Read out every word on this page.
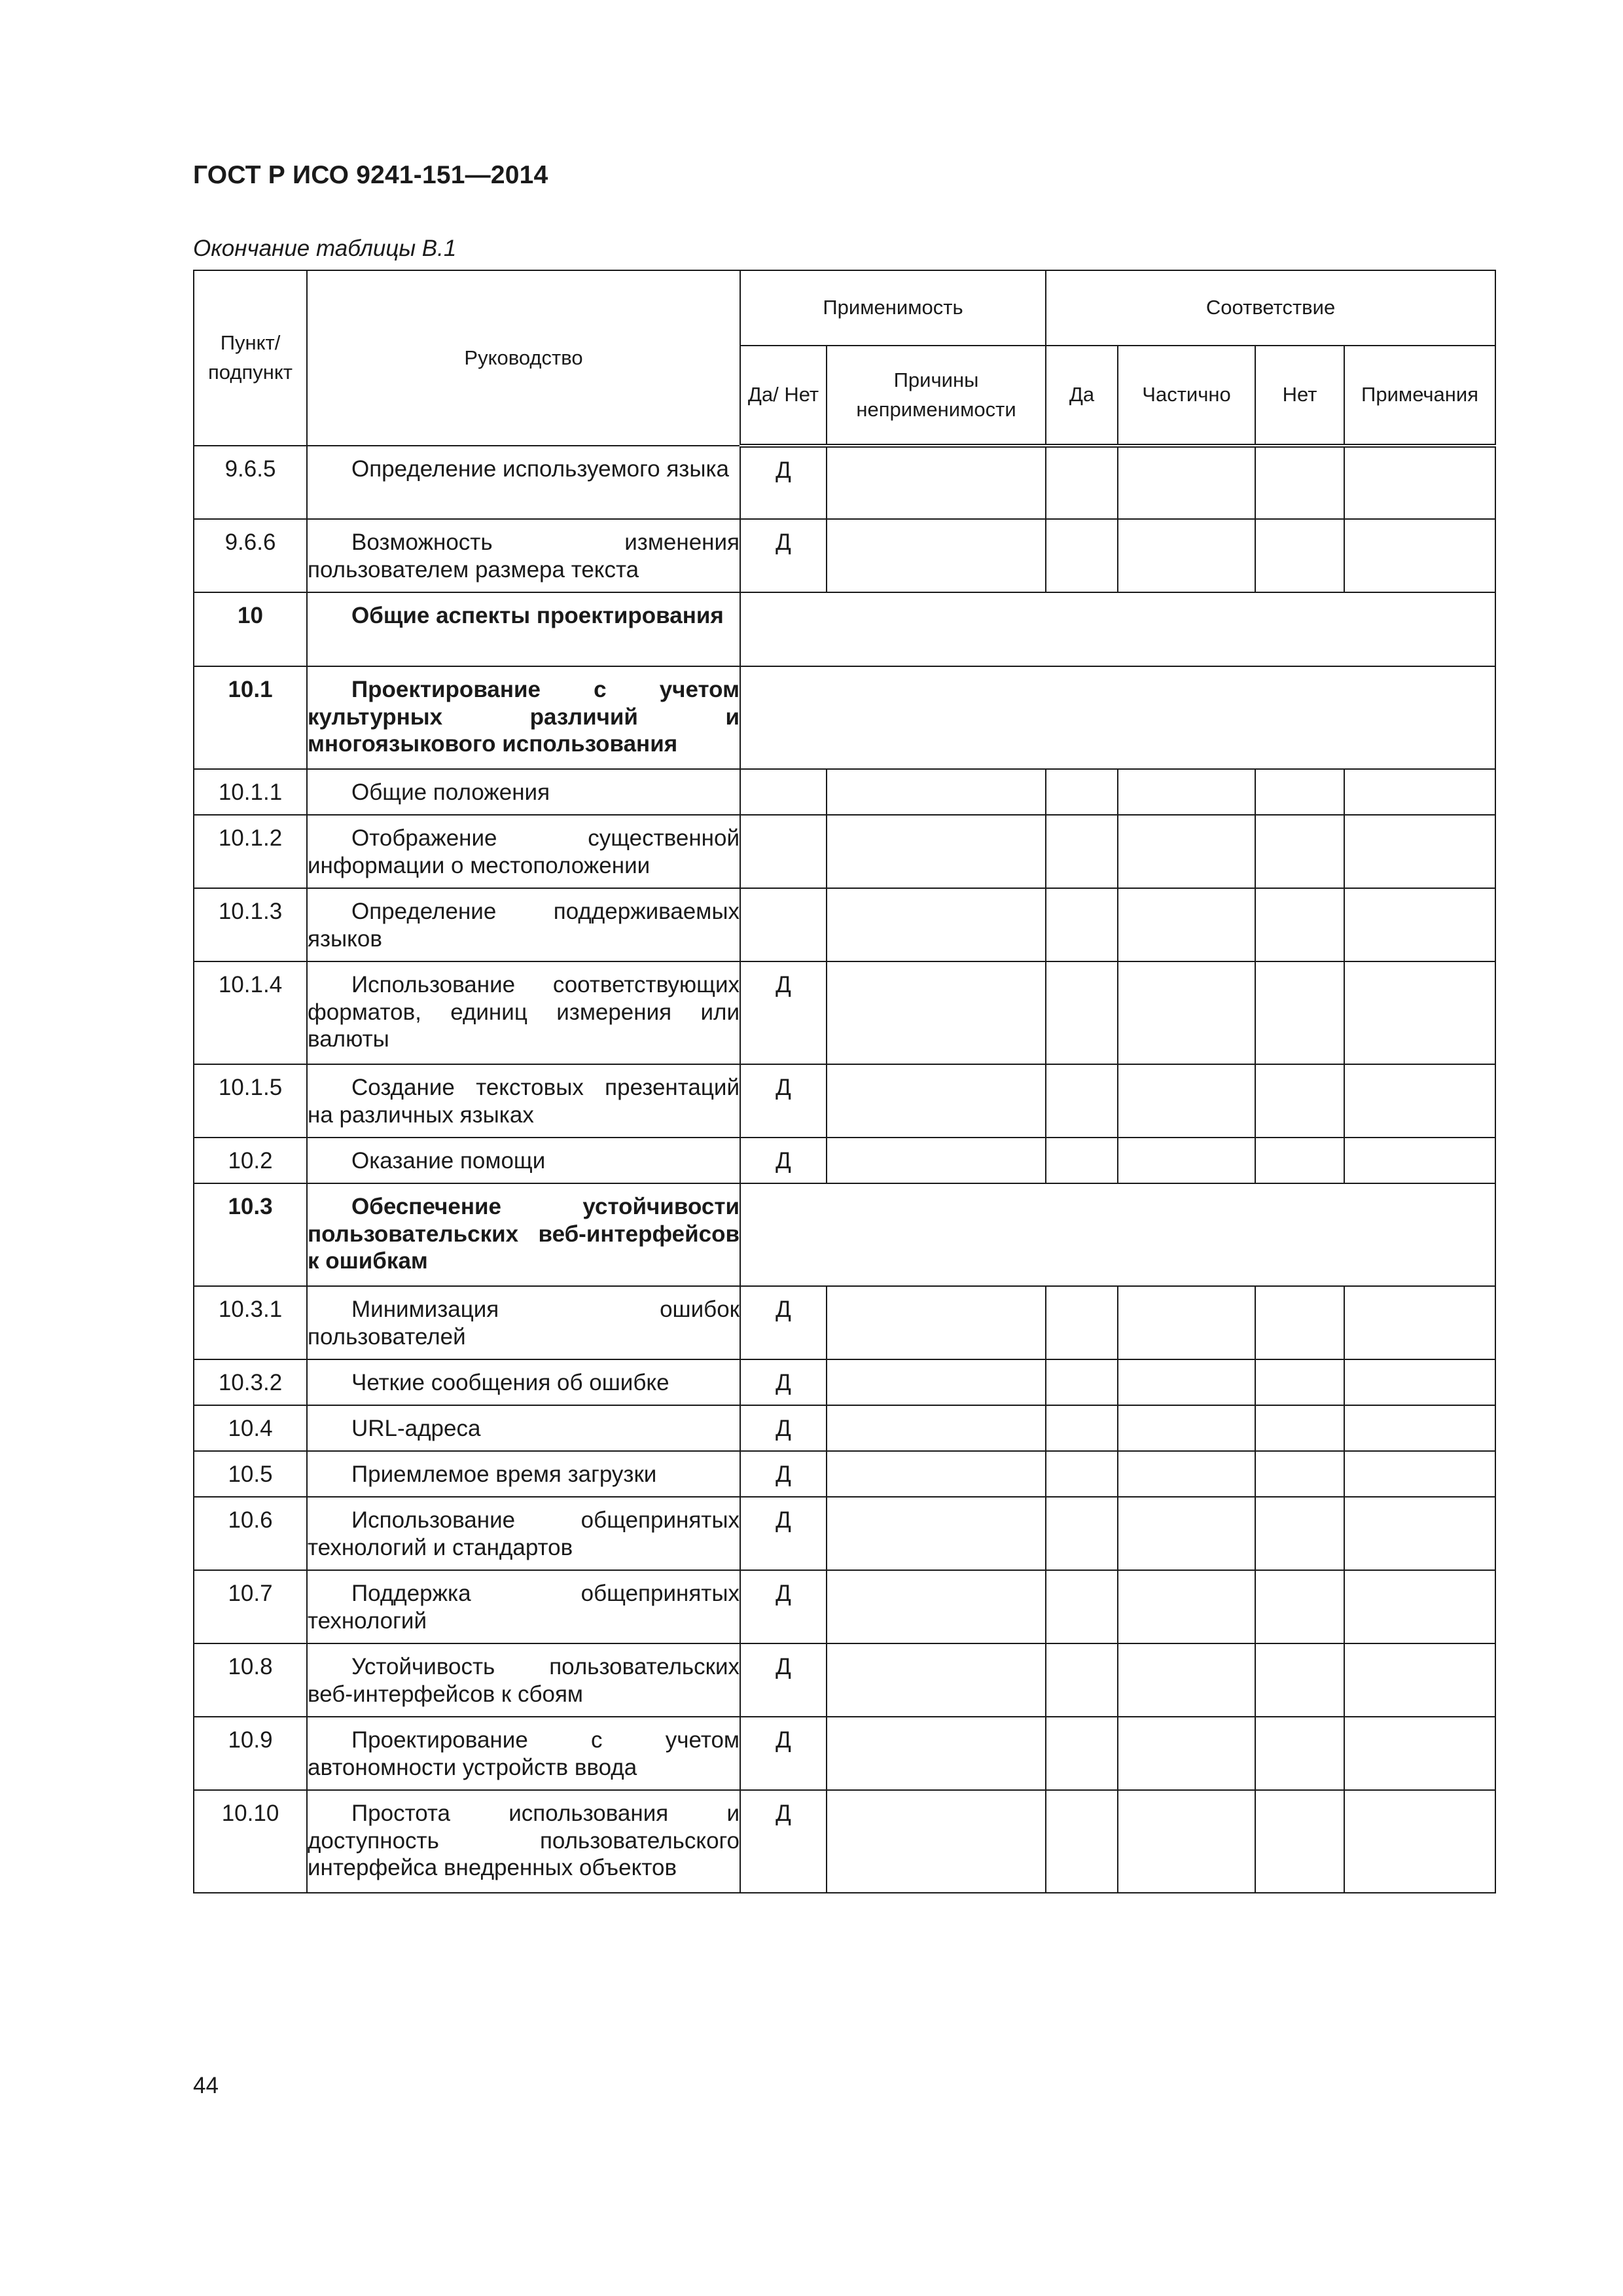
ГОСТ Р ИСО 9241-151—2014
Окончание таблицы В.1
Пункт/ подпункт	Руководство	Применимость		Соответствие			
		Да/ Нет	Причины неприменимости	Да	Частично	Нет	Примечания
9.6.5	Определение используемого языка	Д					
9.6.6	Возможность изменения пользователем размера текста	Д					
10	Общие аспекты проектирования						
10.1	Проектирование с учетом культурных различий и многоязыкового использования						
10.1.1	Общие положения						
10.1.2	Отображение существенной информации о местоположении						
10.1.3	Определение поддерживаемых языков						
10.1.4	Использование соответствующих форматов, единиц измерения или валюты	Д					
10.1.5	Создание текстовых презентаций на различных языках	Д					
10.2	Оказание помощи	Д					
10.3	Обеспечение устойчивости пользовательских веб-интерфейсов к ошибкам						
10.3.1	Минимизация ошибок пользователей	Д					
10.3.2	Четкие сообщения об ошибке	Д					
10.4	URL-адреса	Д					
10.5	Приемлемое время загрузки	Д					
10.6	Использование общепринятых технологий и стандартов	Д					
10.7	Поддержка общепринятых технологий	Д					
10.8	Устойчивость пользовательских веб-интерфейсов к сбоям	Д					
10.9	Проектирование с учетом автономности устройств ввода	Д					
10.10	Простота использования и доступность пользовательского интерфейса внедренных объектов	Д					
44
